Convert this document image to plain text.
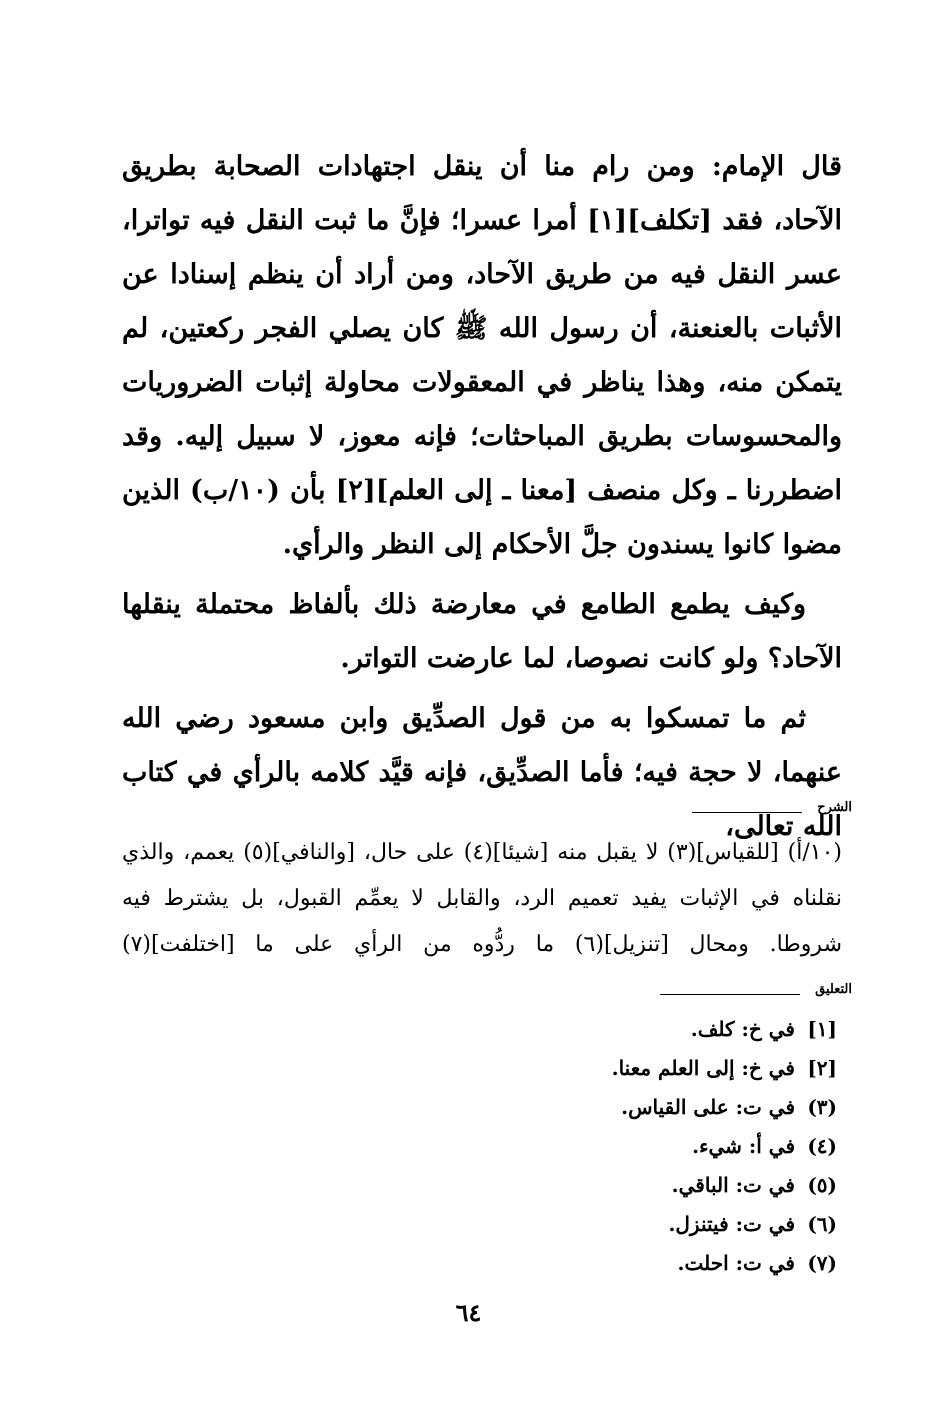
قال الإمام: ومن رام منا أن ينقل اجتهادات الصحابة بطريق الآحاد، فقد [تكلف][١] أمرا عسرا؛ فإنَّ ما ثبت النقل فيه تواترا، عسر النقل فيه من طريق الآحاد، ومن أراد أن ينظم إسنادا عن الأثبات بالعنعنة، أن رسول الله ﷺ كان يصلي الفجر ركعتين، لم يتمكن منه، وهذا يناظر في المعقولات محاولة إثبات الضروريات والمحسوسات بطريق المباحثات؛ فإنه معوز، لا سبيل إليه. وقد اضطررنا ـ وكل منصف [معنا ـ إلى العلم][٢] بأن (١٠/ب) الذين مضوا كانوا يسندون جلَّ الأحكام إلى النظر والرأي.

وكيف يطمع الطامع في معارضة ذلك بألفاظ محتملة ينقلها الآحاد؟ ولو كانت نصوصا، لما عارضت التواتر.

ثم ما تمسكوا به من قول الصدِّيق وابن مسعود رضي الله عنهما، لا حجة فيه؛ فأما الصدِّيق، فإنه قيَّد كلامه بالرأي في كتاب الله تعالى،

الشرح

(١٠/أ) [للقياس](٣) لا يقبل منه [شيئا](٤) على حال، [والنافي](٥) يعمم، والذي نقلناه في الإثبات يفيد تعميم الرد، والقابل لا يعمِّم القبول، بل يشترط فيه شروطا. ومحال [تنزيل](٦) ما ردُّوه من الرأي على ما [اختلفت](٧)

التعليق
[١]في خ: كلف.
[٢]في خ: إلى العلم معنا.
(٣)في ت: على القياس.
(٤)في أ: شيء.
(٥)في ت: الباقي.
(٦)في ت: فيتنزل.
(٧)في ت: احلت.
٦٤
